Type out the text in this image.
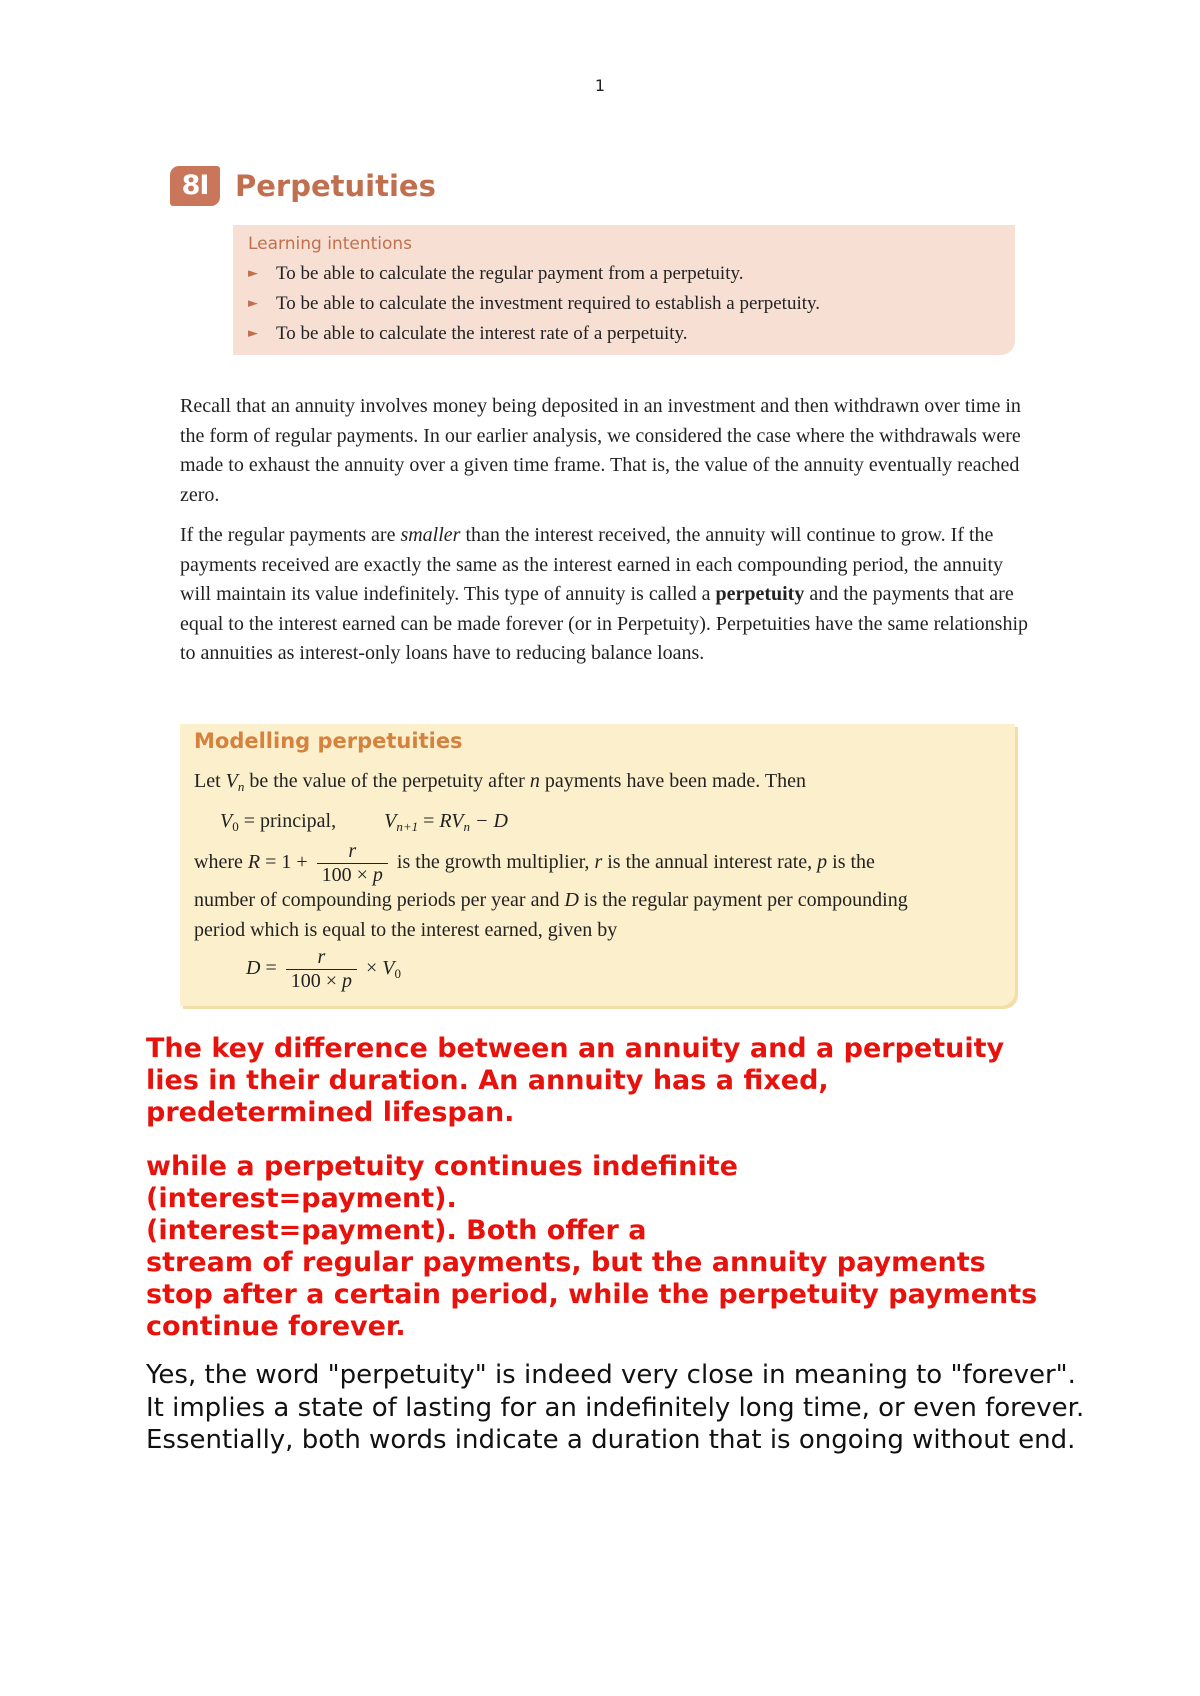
1
8I Perpetuities
Learning intentions
► To be able to calculate the regular payment from a perpetuity.
► To be able to calculate the investment required to establish a perpetuity.
► To be able to calculate the interest rate of a perpetuity.

Recall that an annuity involves money being deposited in an investment and then withdrawn over time in the form of regular payments. In our earlier analysis, we considered the case where the withdrawals were made to exhaust the annuity over a given time frame. That is, the value of the annuity eventually reached zero.

If the regular payments are smaller than the interest received, the annuity will continue to grow. If the payments received are exactly the same as the interest earned in each compounding period, the annuity will maintain its value indefinitely. This type of annuity is called a perpetuity and the payments that are equal to the interest earned can be made forever (or in Perpetuity). Perpetuities have the same relationship to annuities as interest-only loans have to reducing balance loans.

Modelling perpetuities
Let $V_n$ be the value of the perpetuity after n payments have been made. Then
$V_0$ = principal, $V_{n+1} = RV_n - D$
where $R = 1 + \frac{r}{100 \times p}$ is the growth multiplier, r is the annual interest rate, p is the
number of compounding periods per year and D is the regular payment per compounding
period which is equal to the interest earned, given by
$D = \frac{r}{100 \times p} \times V_0$

The key difference between an annuity and a perpetuity
lies in their duration. An annuity has a fixed,
predetermined lifespan.

while a perpetuity continues indefinite
(interest=payment).
(interest=payment). Both offer a
stream of regular payments, but the annuity payments
stop after a certain period, while the perpetuity payments
continue forever.

Yes, the word "perpetuity" is indeed very close in meaning to "forever". It implies a state of lasting for an indefinitely long time, or even forever. Essentially, both words indicate a duration that is ongoing without end.
